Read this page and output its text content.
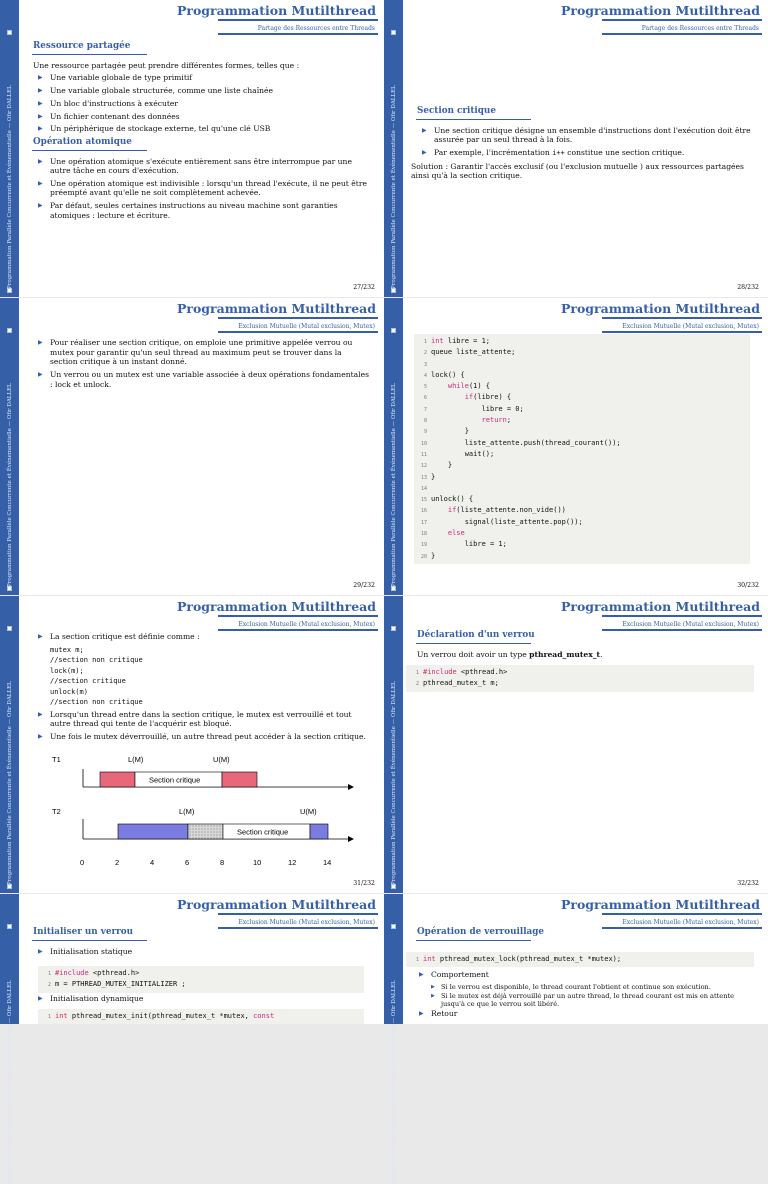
Programmation Parallèle Concurrente et Événementielle — Ofir DALLEL
Programmation Mutilthread
Partage des Ressources entre Threads
Ressource partagée
Une ressource partagée peut prendre différentes formes, telles que :
▶ Une variable globale de type primitif
▶ Une variable globale structurée, comme une liste chaînée
▶ Un bloc d'instructions à exécuter
▶ Un fichier contenant des données
▶ Un périphérique de stockage externe, tel qu'une clé USB
Opération atomique
▶ Une opération atomique s'exécute entièrement sans être interrompue par une autre tâche en cours d'exécution.
▶ Une opération atomique est indivisible : lorsqu'un thread l'exécute, il ne peut être préempté avant qu'elle ne soit complètement achevée.
▶ Par défaut, seules certaines instructions au niveau machine sont garanties atomiques : lecture et écriture.
27/232	Programmation Parallèle Concurrente et Événementielle — Ofir DALLEL
Programmation Mutilthread
Partage des Ressources entre Threads
Section critique
▶ Une section critique désigne un ensemble d'instructions dont l'exécution doit être assurée par un seul thread à la fois.
▶ Par exemple, l'incrémentation i++ constitue une section critique.
Solution : Garantir l'accès exclusif (ou l'exclusion mutuelle ) aux ressources partagées ainsi qu'à la section critique.
28/232
Programmation Parallèle Concurrente et Événementielle — Ofir DALLEL
Programmation Mutilthread
Exclusion Mutuelle (Mutal exclusion, Mutex)
▶ Pour réaliser une section critique, on emploie une primitive appelée verrou ou mutex pour garantir qu'un seul thread au maximum peut se trouver dans la section critique à un instant donné.
▶ Un verrou ou un mutex est une variable associée à deux opérations fondamentales : lock et unlock.
29/232	Programmation Parallèle Concurrente et Événementielle — Ofir DALLEL
Programmation Mutilthread
Exclusion Mutuelle (Mutal exclusion, Mutex)
1 int libre = 1;
2 queue liste_attente;
3
4 lock() {
5	while(1) {
6	if(libre) {
7            libre = 0;
8	return;
9        }
10        liste_attente.push(thread_courant());
11        wait();
12    }
13 }
14
15 unlock() {
16	if(liste_attente.non_vide())
17        signal(liste_attente.pop());
18	else
19        libre = 1;
20 }
30/232
Programmation Parallèle Concurrente et Événementielle — Ofir DALLEL
Programmation Mutilthread
Exclusion Mutuelle (Mutal exclusion, Mutex)
▶ La section critique est définie comme :
mutex m;
//section non critique
lock(m);
//section critique
unlock(m)
//section non critique
▶ Lorsqu'un thread entre dans la section critique, le mutex est verrouillé et tout autre thread qui tente de l'acquérir est bloqué.
▶ Une fois le mutex déverrouillé, un autre thread peut accéder à la section critique.
T1	L(M)	U(M)
Section critique
T2	L(M)	U(M)
Section critique
0	2	4	6	8	10	12	14
31/232	Programmation Parallèle Concurrente et Événementielle — Ofir DALLEL
Programmation Mutilthread
Exclusion Mutuelle (Mutal exclusion, Mutex)
Déclaration d'un verrou
Un verrou doit avoir un type pthread_mutex_t.
1 #include <pthread.h>
2 pthread_mutex_t m;
32/232
Programmation Parallèle Concurrente et Événementielle — Ofir DALLEL
Programmation Mutilthread
Exclusion Mutuelle (Mutal exclusion, Mutex)
Initialiser un verrou
▶ Initialisation statique
1 #include <pthread.h>
2 m = PTHREAD_MUTEX_INITIALIZER ;
▶ Initialisation dynamique
1 int pthread_mutex_init(pthread_mutex_t *mutex, const	Programmation Parallèle Concurrente et Événementielle — Ofir DALLEL
Programmation Mutilthread
Exclusion Mutuelle (Mutal exclusion, Mutex)
Opération de verrouillage
1 int pthread_mutex_lock(pthread_mutex_t *mutex);
▶ Comportement
▶ Si le verrou est disponible, le thread courant l'obtient et continue son exécution.
▶ Si le mutex est déjà verrouillé par un autre thread, le thread courant est mis en attente jusqu'à ce que le verrou soit libéré.
▶ Retour
